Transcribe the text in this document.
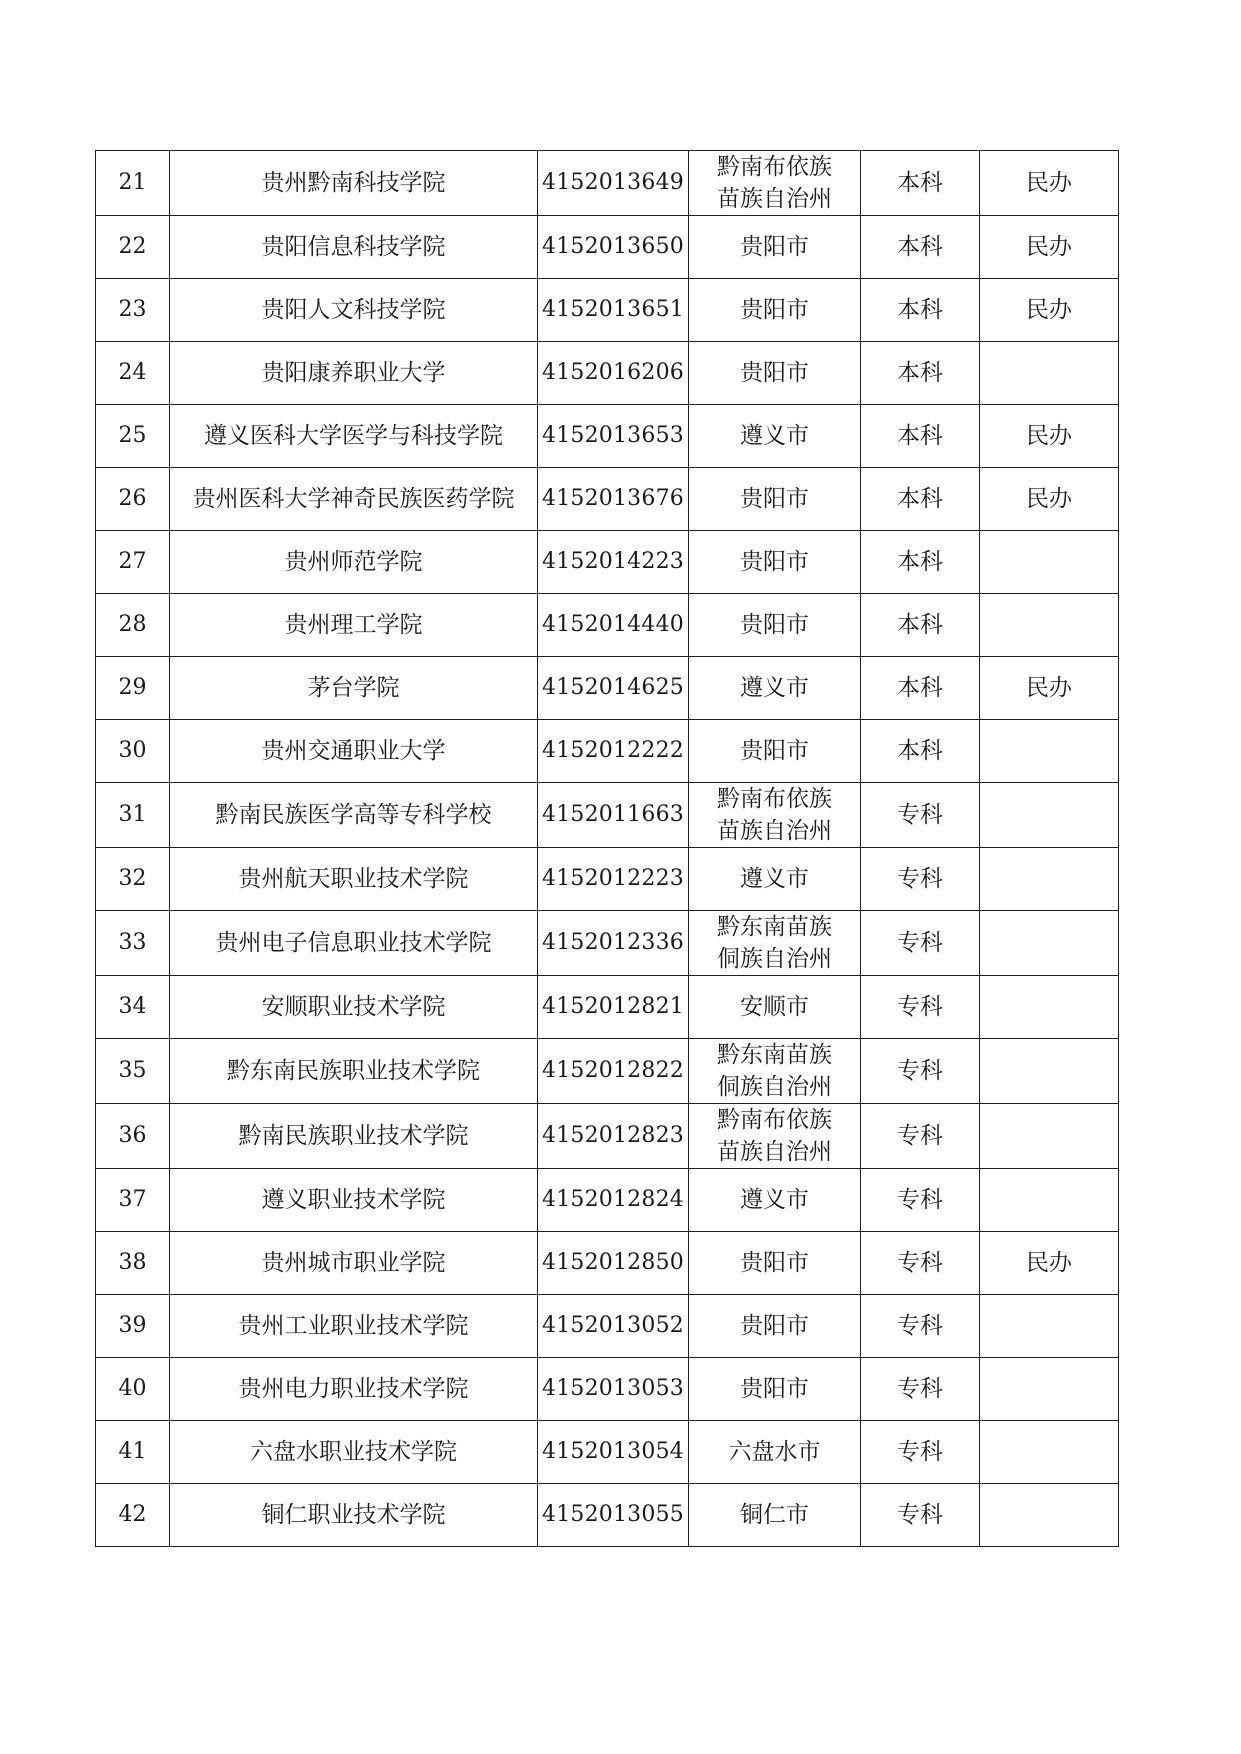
21	贵州黔南科技学院	4152013649	黔南布依族苗族自治州	本科	民办
22	贵阳信息科技学院	4152013650	贵阳市	本科	民办
23	贵阳人文科技学院	4152013651	贵阳市	本科	民办
24	贵阳康养职业大学	4152016206	贵阳市	本科	
25	遵义医科大学医学与科技学院	4152013653	遵义市	本科	民办
26	贵州医科大学神奇民族医药学院	4152013676	贵阳市	本科	民办
27	贵州师范学院	4152014223	贵阳市	本科	
28	贵州理工学院	4152014440	贵阳市	本科	
29	茅台学院	4152014625	遵义市	本科	民办
30	贵州交通职业大学	4152012222	贵阳市	本科	
31	黔南民族医学高等专科学校	4152011663	黔南布依族苗族自治州	专科	
32	贵州航天职业技术学院	4152012223	遵义市	专科	
33	贵州电子信息职业技术学院	4152012336	黔东南苗族侗族自治州	专科	
34	安顺职业技术学院	4152012821	安顺市	专科	
35	黔东南民族职业技术学院	4152012822	黔东南苗族侗族自治州	专科	
36	黔南民族职业技术学院	4152012823	黔南布依族苗族自治州	专科	
37	遵义职业技术学院	4152012824	遵义市	专科	
38	贵州城市职业学院	4152012850	贵阳市	专科	民办
39	贵州工业职业技术学院	4152013052	贵阳市	专科	
40	贵州电力职业技术学院	4152013053	贵阳市	专科	
41	六盘水职业技术学院	4152013054	六盘水市	专科	
42	铜仁职业技术学院	4152013055	铜仁市	专科	
